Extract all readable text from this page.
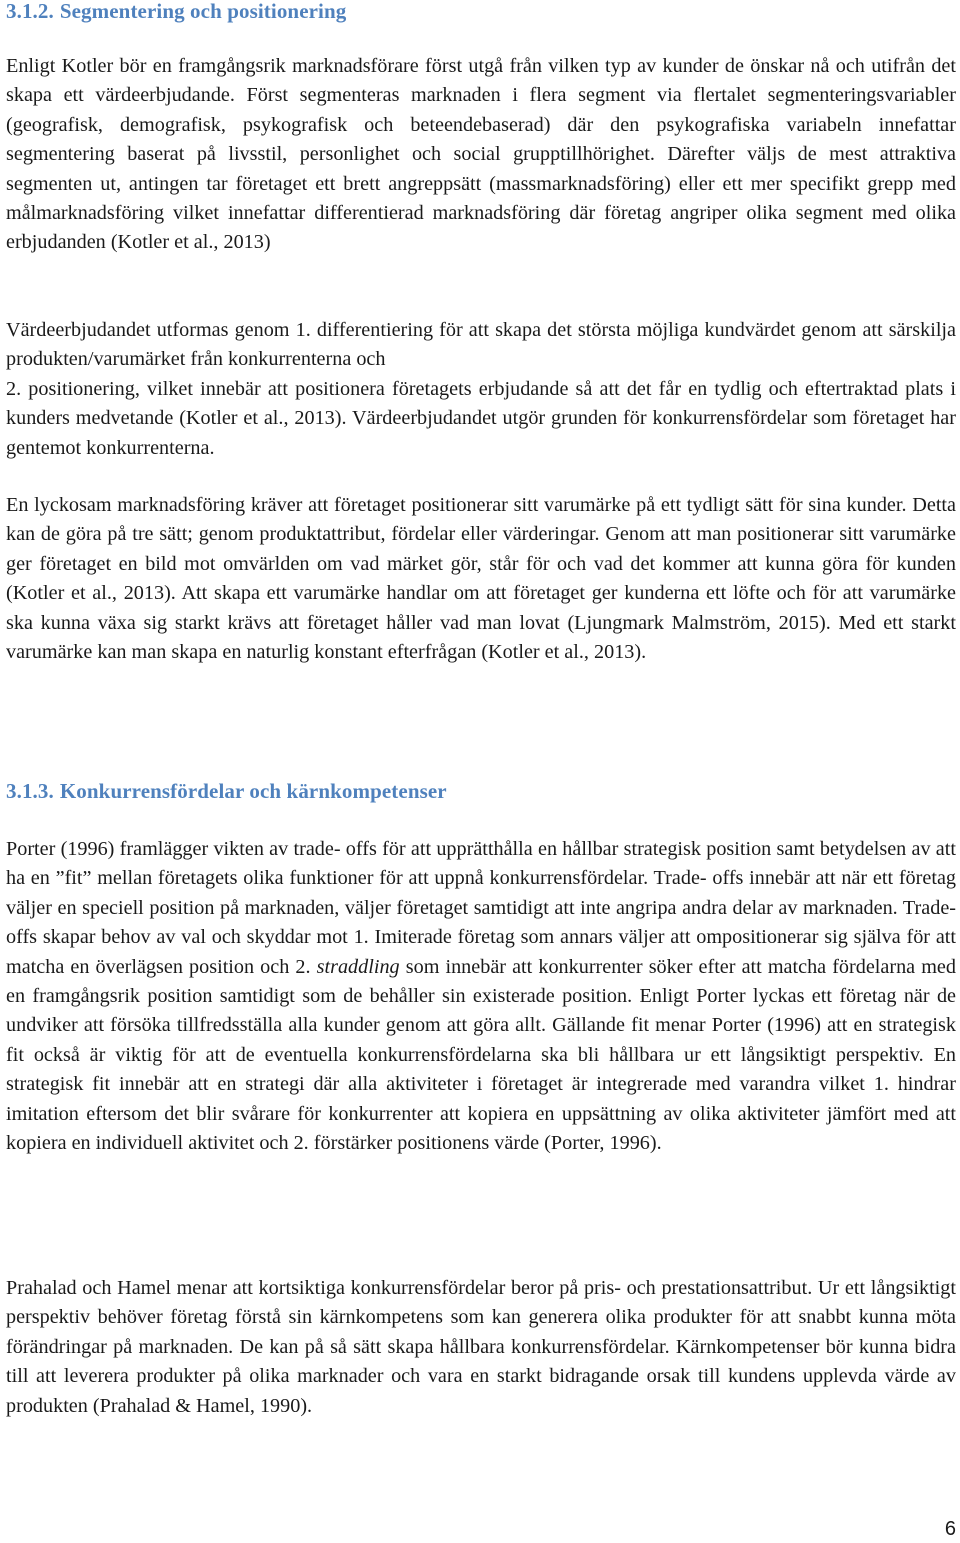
3.1.2. Segmentering och positionering

Enligt Kotler bör en framgångsrik marknadsförare först utgå från vilken typ av kunder de önskar nå och utifrån det skapa ett värdeerbjudande. Först segmenteras marknaden i flera segment via flertalet segmenteringsvariabler (geografisk, demografisk, psykografisk och beteendebaserad) där den psykografiska variabeln innefattar segmentering baserat på livsstil, personlighet och social grupptillhörighet. Därefter väljs de mest attraktiva segmenten ut, antingen tar företaget ett brett angreppsätt (massmarknadsföring) eller ett mer specifikt grepp med målmarknadsföring vilket innefattar differentierad marknadsföring där företag angriper olika segment med olika erbjudanden (Kotler et al., 2013)

Värdeerbjudandet utformas genom 1. differentiering för att skapa det största möjliga kundvärdet genom att särskilja produkten/varumärket från konkurrenterna och

2. positionering, vilket innebär att positionera företagets erbjudande så att det får en tydlig och eftertraktad plats i kunders medvetande (Kotler et al., 2013). Värdeerbjudandet utgör grunden för konkurrensfördelar som företaget har gentemot konkurrenterna.

En lyckosam marknadsföring kräver att företaget positionerar sitt varumärke på ett tydligt sätt för sina kunder. Detta kan de göra på tre sätt; genom produktattribut, fördelar eller värderingar. Genom att man positionerar sitt varumärke ger företaget en bild mot omvärlden om vad märket gör, står för och vad det kommer att kunna göra för kunden (Kotler et al., 2013). Att skapa ett varumärke handlar om att företaget ger kunderna ett löfte och för att varumärke ska kunna växa sig starkt krävs att företaget håller vad man lovat (Ljungmark Malmström, 2015). Med ett starkt varumärke kan man skapa en naturlig konstant efterfrågan (Kotler et al., 2013).

3.1.3. Konkurrensfördelar och kärnkompetenser

Porter (1996) framlägger vikten av trade- offs för att upprätthålla en hållbar strategisk position samt betydelsen av att ha en ”fit” mellan företagets olika funktioner för att uppnå konkurrensfördelar. Trade- offs innebär att när ett företag väljer en speciell position på marknaden, väljer företaget samtidigt att inte angripa andra delar av marknaden. Trade- offs skapar behov av val och skyddar mot 1. Imiterade företag som annars väljer att ompositionerar sig själva för att matcha en överlägsen position och 2. straddling som innebär att konkurrenter söker efter att matcha fördelarna med en framgångsrik position samtidigt som de behåller sin existerade position. Enligt Porter lyckas ett företag när de undviker att försöka tillfredsställa alla kunder genom att göra allt. Gällande fit menar Porter (1996) att en strategisk fit också är viktig för att de eventuella konkurrensfördelarna ska bli hållbara ur ett långsiktigt perspektiv. En strategisk fit innebär att en strategi där alla aktiviteter i företaget är integrerade med varandra vilket 1. hindrar imitation eftersom det blir svårare för konkurrenter att kopiera en uppsättning av olika aktiviteter jämfört med att kopiera en individuell aktivitet och 2. förstärker positionens värde (Porter, 1996).

Prahalad och Hamel menar att kortsiktiga konkurrensfördelar beror på pris- och prestationsattribut. Ur ett långsiktigt perspektiv behöver företag förstå sin kärnkompetens som kan generera olika produkter för att snabbt kunna möta förändringar på marknaden. De kan på så sätt skapa hållbara konkurrensfördelar. Kärnkompetenser bör kunna bidra till att leverera produkter på olika marknader och vara en starkt bidragande orsak till kundens upplevda värde av produkten (Prahalad & Hamel, 1990).

6
